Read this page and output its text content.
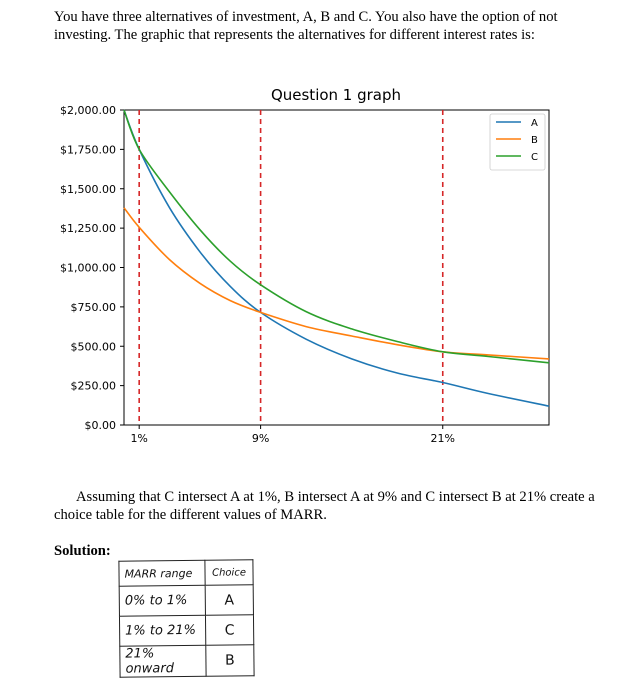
You have three alternatives of investment, A, B and C. You also have the option of not investing. The graphic that represents the alternatives for different interest rates is:

Question 1 graph
$0.00
$250.00
$500.00
$750.00
$1,000.00
$1,250.00
$1,500.00
$1,750.00
$2,000.00
1%	9%	21%
A
B
C

Assuming that C intersect A at 1%, B intersect A at 9% and C intersect B at 21% create a choice table for the different values of MARR.

Solution:
MARR range	Choice
0% to 1%	A
1% to 21%	C
21% onward	B
